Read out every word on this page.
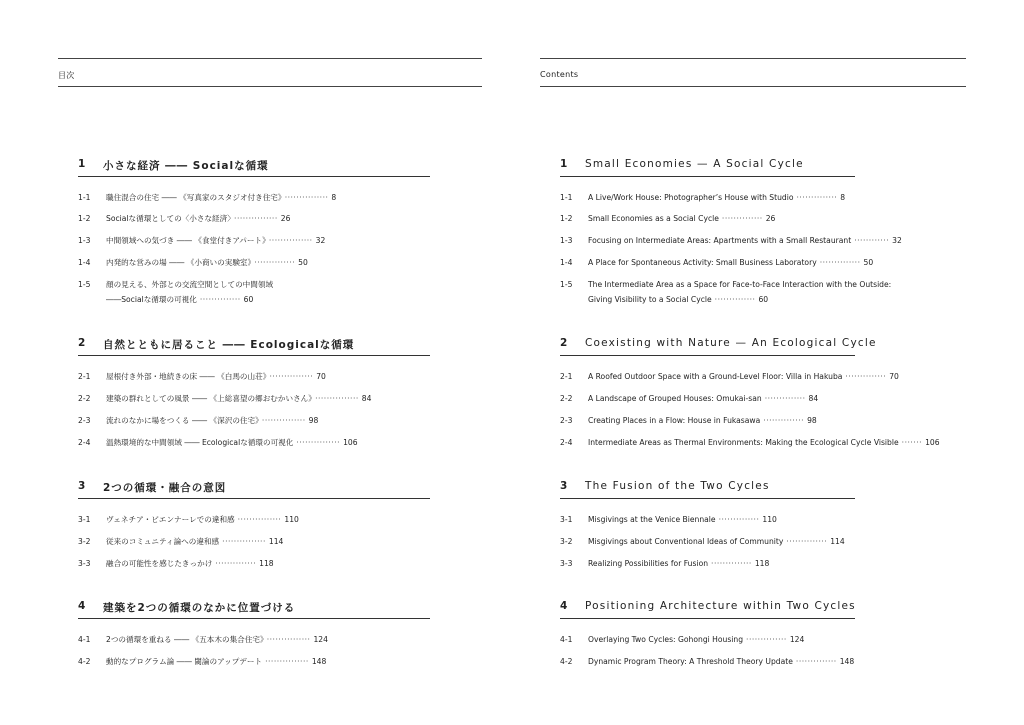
目次
1 小さな経済 ―― Socialな循環
1-1 職住混合の住宅 ―― 《写真家のスタジオ付き住宅》 ··············· 8
1-2 Socialな循環としての〈小さな経済〉 ··············· 26
1-3 中間領域への気づき ―― 《食堂付きアパート》 ··············· 32
1-4 内発的な営みの場 ―― 《小商いの実験室》 ·············· 50
1-5 顔の見える、外部との交流空間としての中間領域
――Socialな循環の可視化 ·············· 60
2 自然とともに居ること ―― Ecologicalな循環
2-1 屋根付き外部・地続きの床 ―― 《白馬の山荘》 ··············· 70
2-2 建築の群れとしての風景 ―― 《上総喜望の郷おむかいさん》 ··············· 84
2-3 流れのなかに場をつくる ―― 《深沢の住宅》 ··············· 98
2-4 温熱環境的な中間領域 ―― Ecologicalな循環の可視化 ··············· 106
3 2つの循環・融合の意図
3-1 ヴェネチア・ビエンナーレでの違和感 ··············· 110
3-2 従来のコミュニティ論への違和感 ··············· 114
3-3 融合の可能性を感じたきっかけ ·············· 118
4 建築を2つの循環のなかに位置づける
4-1 2つの循環を重ねる ―― 《五本木の集合住宅》 ··············· 124
4-2 動的なプログラム論 ―― 閾論のアップデート ··············· 148
Contents
1 Small Economies — A Social Cycle
1-1 A Live/Work House: Photographer’s House with Studio ·············· 8
1-2 Small Economies as a Social Cycle ·············· 26
1-3 Focusing on Intermediate Areas: Apartments with a Small Restaurant ············ 32
1-4 A Place for Spontaneous Activity: Small Business Laboratory ·············· 50
1-5 The Intermediate Area as a Space for Face-to-Face Interaction with the Outside:
Giving Visibility to a Social Cycle ·············· 60
2 Coexisting with Nature — An Ecological Cycle
2-1 A Roofed Outdoor Space with a Ground-Level Floor: Villa in Hakuba ·············· 70
2-2 A Landscape of Grouped Houses: Omukai-san ·············· 84
2-3 Creating Places in a Flow: House in Fukasawa ·············· 98
2-4 Intermediate Areas as Thermal Environments: Making the Ecological Cycle Visible ······· 106
3 The Fusion of the Two Cycles
3-1 Misgivings at the Venice Biennale ·············· 110
3-2 Misgivings about Conventional Ideas of Community ·············· 114
3-3 Realizing Possibilities for Fusion ·············· 118
4 Positioning Architecture within Two Cycles
4-1 Overlaying Two Cycles: Gohongi Housing ·············· 124
4-2 Dynamic Program Theory: A Threshold Theory Update ·············· 148
